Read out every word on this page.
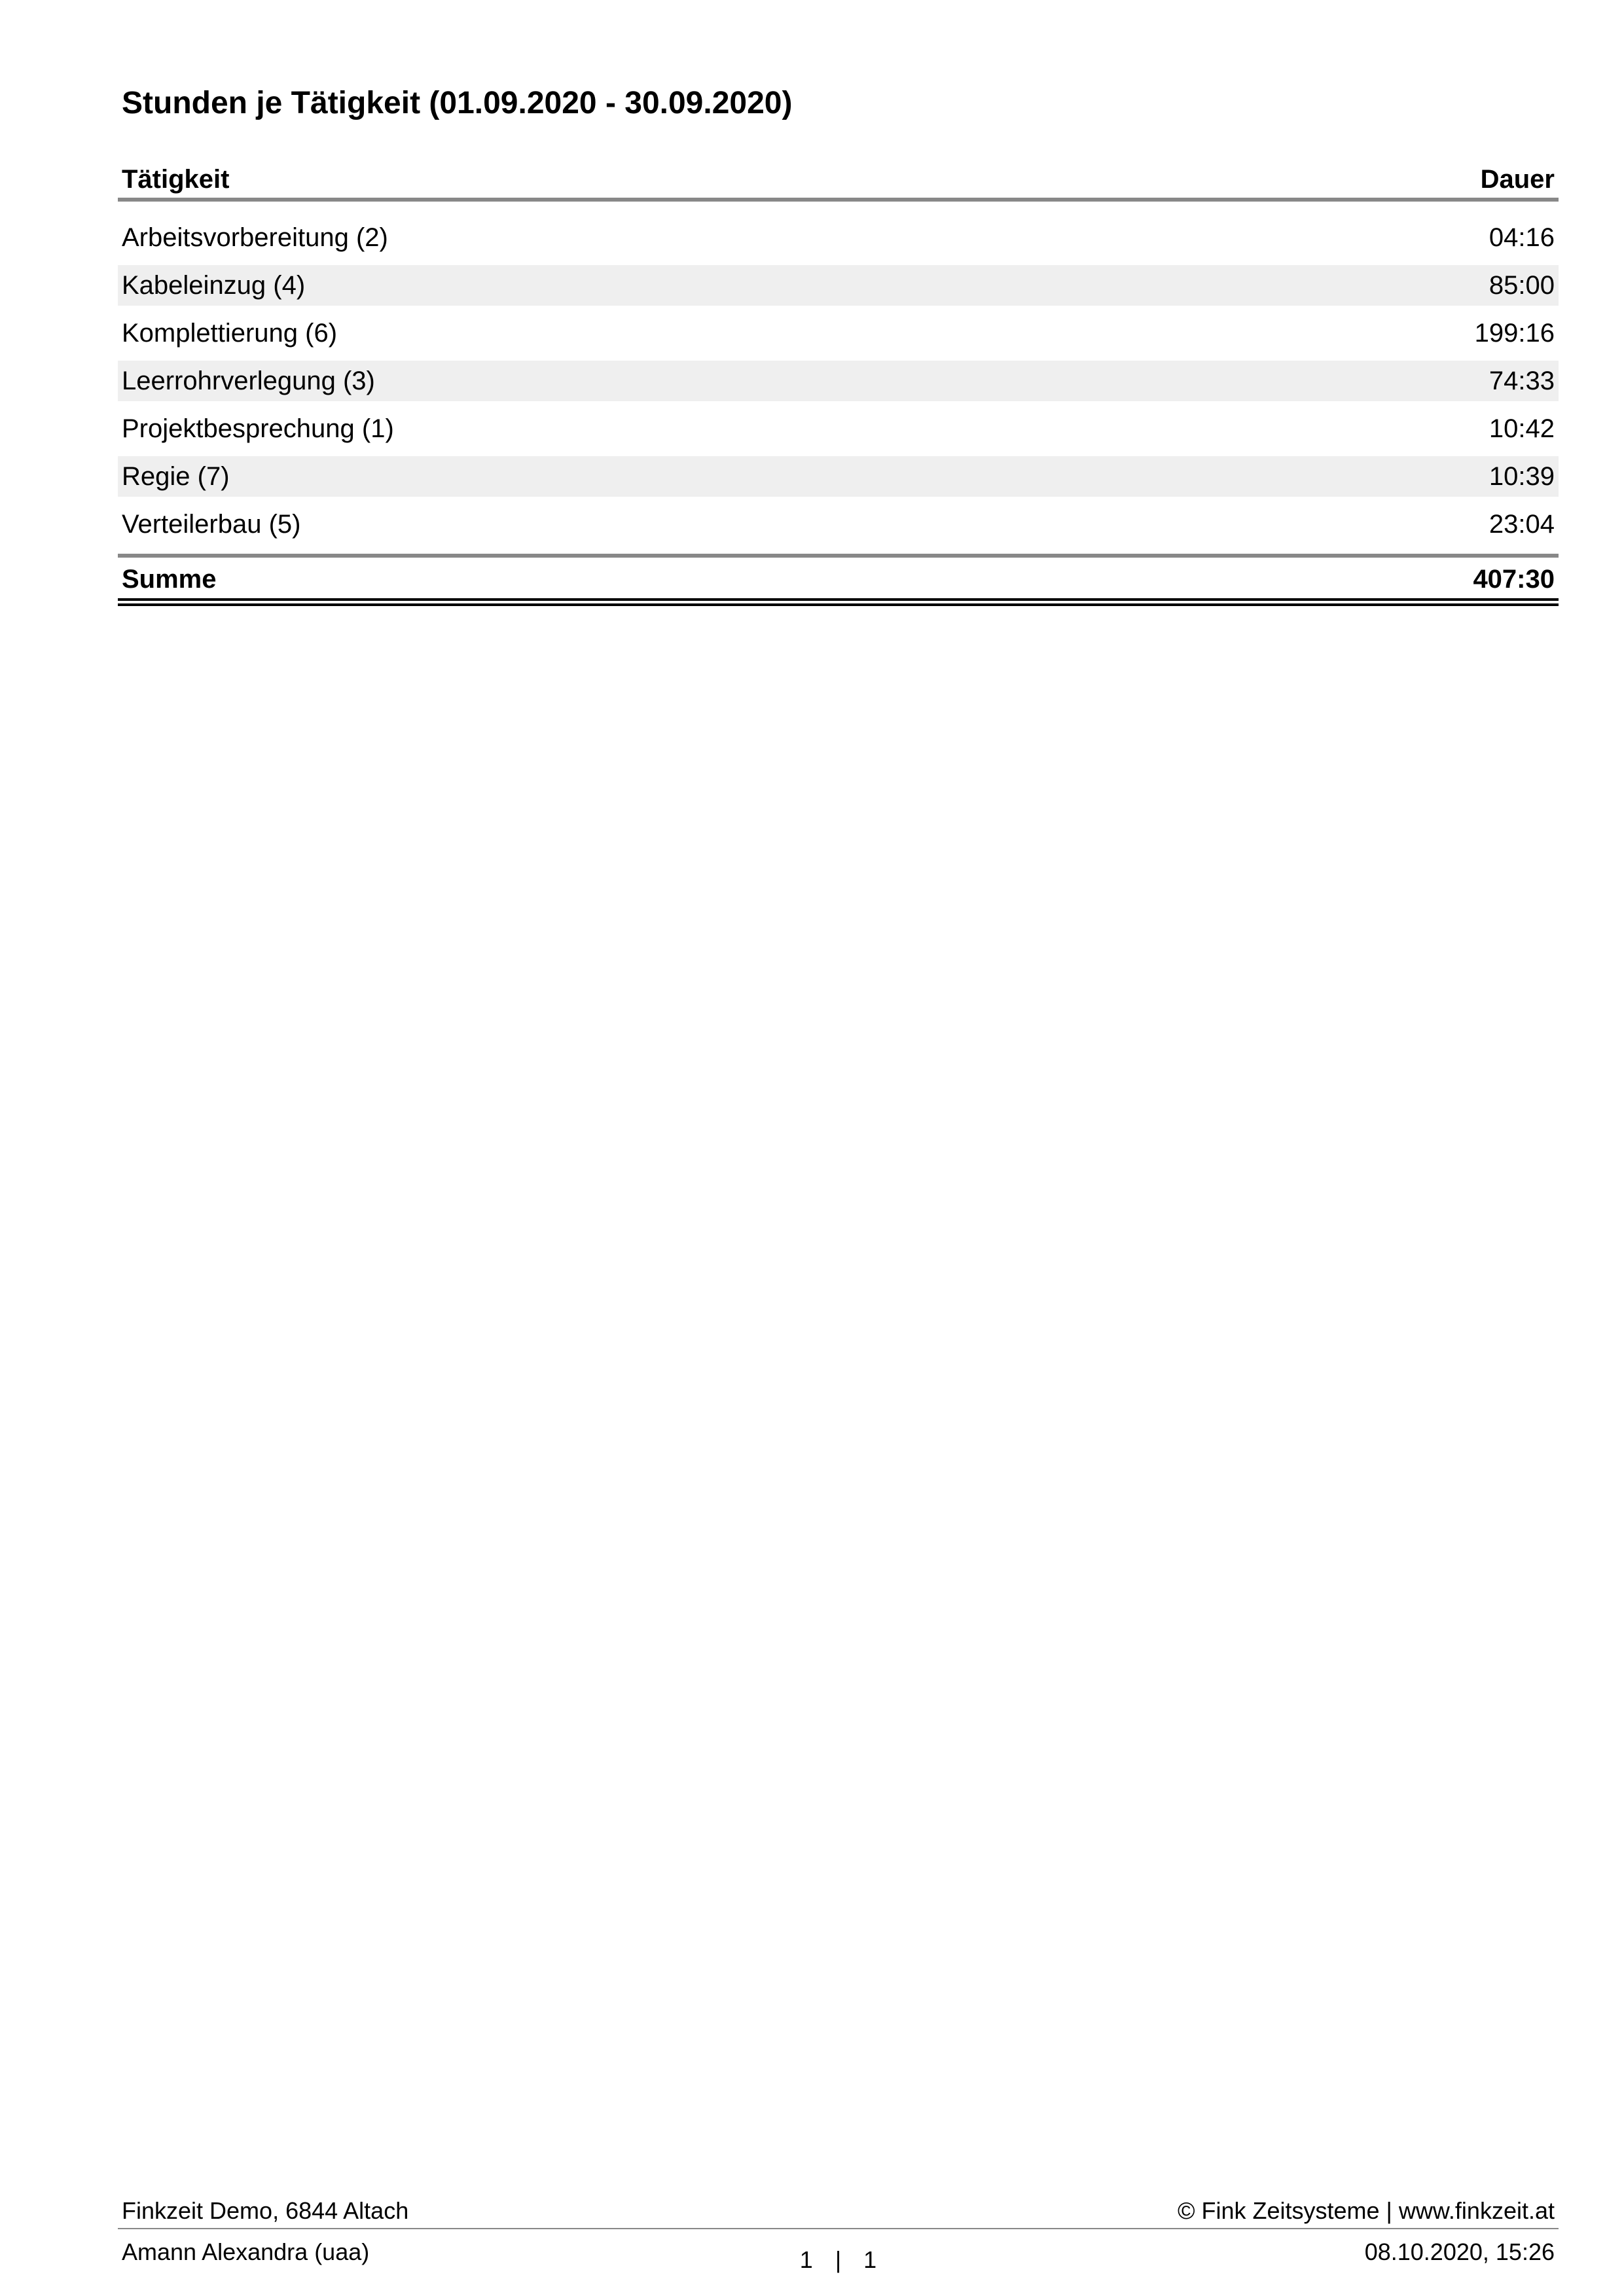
Stunden je Tätigkeit (01.09.2020 - 30.09.2020)
Tätigkeit	Dauer
Arbeitsvorbereitung (2)	04:16
Kabeleinzug (4)	85:00
Komplettierung (6)	199:16
Leerrohrverlegung (3)	74:33
Projektbesprechung (1)	10:42
Regie (7)	10:39
Verteilerbau (5)	23:04
Summe	407:30
Finkzeit Demo, 6844 Altach	© Fink Zeitsysteme | www.finkzeit.at
Amann Alexandra (uaa)	1 | 1	08.10.2020, 15:26
